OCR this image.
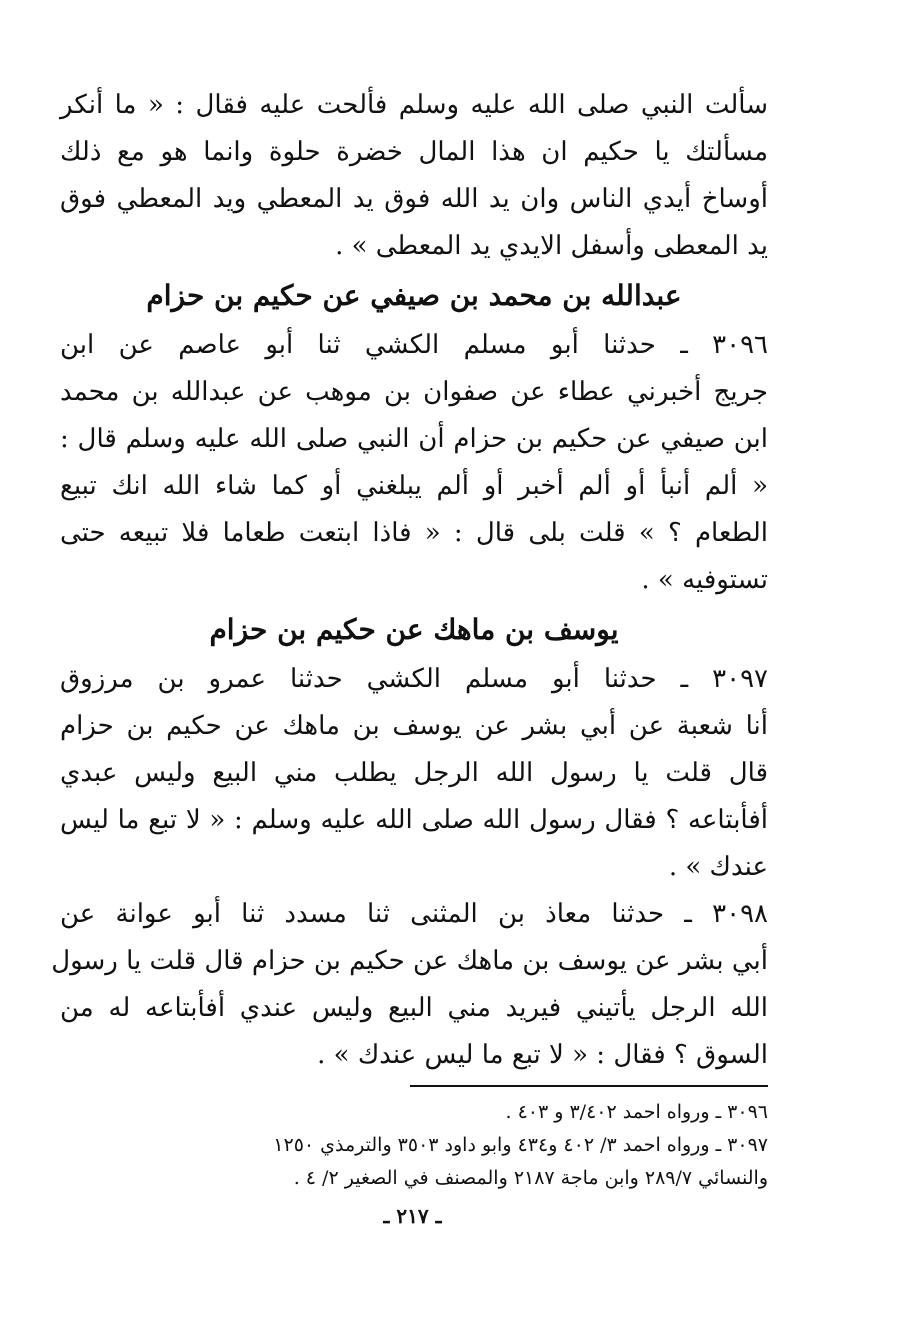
سألت النبي صلى الله عليه وسلم فألحت عليه فقال : « ما أنكر
مسألتك يا حكيم ان هذا المال خضرة حلوة وانما هو مع ذلك
أوساخ أيدي الناس وان يد الله فوق يد المعطي ويد المعطي فوق
يد المعطى وأسفل الايدي يد المعطى » .
عبدالله بن محمد بن صيفي عن حكيم بن حزام
٣٠٩٦ ـ حدثنا أبو مسلم الكشي ثنا أبو عاصم عن ابن
جريج أخبرني عطاء عن صفوان بن موهب عن عبدالله بن محمد
ابن صيفي عن حكيم بن حزام أن النبي صلى الله عليه وسلم قال :
« ألم أنبأ أو ألم أخبر أو ألم يبلغني أو كما شاء الله انك تبيع
الطعام ؟ » قلت بلى قال : « فاذا ابتعت طعاما فلا تبيعه حتى
تستوفيه » .
يوسف بن ماهك عن حكيم بن حزام
٣٠٩٧ ـ حدثنا أبو مسلم الكشي حدثنا عمرو بن مرزوق
أنا شعبة عن أبي بشر عن يوسف بن ماهك عن حكيم بن حزام
قال قلت يا رسول الله الرجل يطلب مني البيع وليس عبدي
أفأبتاعه ؟ فقال رسول الله صلى الله عليه وسلم : « لا تبع ما ليس
عندك » .
٣٠٩٨ ـ حدثنا معاذ بن المثنى ثنا مسدد ثنا أبو عوانة عن
أبي بشر عن يوسف بن ماهك عن حكيم بن حزام قال قلت يا رسول
الله الرجل يأتيني فيريد مني البيع وليس عندي أفأبتاعه له من
السوق ؟ فقال : « لا تبع ما ليس عندك » .
٣٠٩٦ ـ ورواه احمد ٣/٤٠٢ و ٤٠٣ .
٣٠٩٧ ـ ورواه احمد ٣/ ٤٠٢ و٤٣٤ وابو داود ٣٥٠٣ والترمذي ١٢٥٠
والنسائي ٢٨٩/٧ وابن ماجة ٢١٨٧ والمصنف في الصغير ٢/ ٤ .
ـ ٢١٧ ـ
